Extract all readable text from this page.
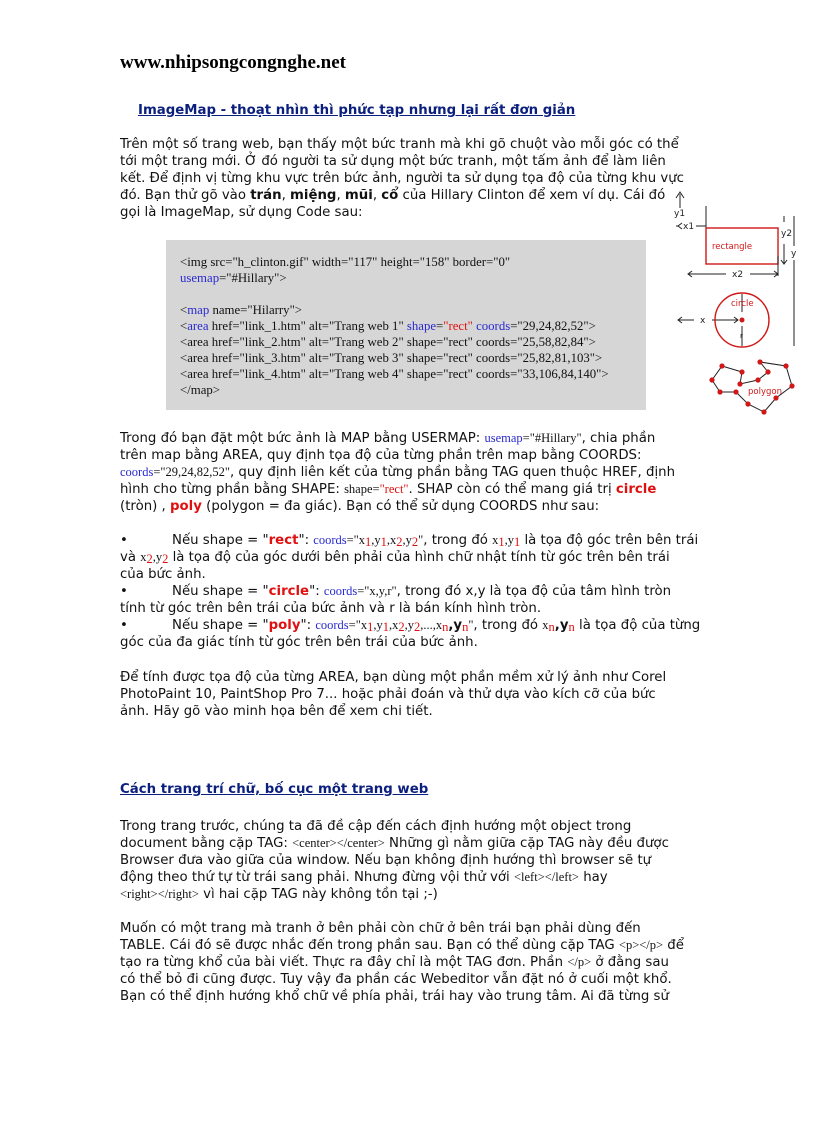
www.nhipsongcongnghe.net
ImageMap - thoạt nhìn thì phức tạp nhưng lại rất đơn giản
Trên một số trang web, bạn thấy một bức tranh mà khi gõ chuột vào mỗi góc có thể
tới một trang mới. Ở đó người ta sử dụng một bức tranh, một tấm ảnh để làm liên
kết. Để định vị từng khu vực trên bức ảnh, người ta sử dụng tọa độ của từng khu vực
đó. Bạn thử gõ vào trán, miệng, mũi, cổ của Hillary Clinton để xem ví dụ. Cái đó
gọi là ImageMap, sử dụng Code sau:
<img src="h_clinton.gif" width="117" height="158" border="0"
usemap="#Hillary">
<map name="Hilarry">
<area href="link_1.htm" alt="Trang web 1" shape="rect" coords="29,24,82,52">
<area href="link_2.htm" alt="Trang web 2" shape="rect" coords="25,58,82,84">
<area href="link_3.htm" alt="Trang web 3" shape="rect" coords="25,82,81,103">
<area href="link_4.htm" alt="Trang web 4" shape="rect" coords="33,106,84,140">
</map>
rectangle
circle
polygon
y1
x1
y2
y
x2
x
r
Trong đó bạn đặt một bức ảnh là MAP bằng USERMAP: usemap="#Hillary", chia phần
trên map bằng AREA, quy định tọa độ của từng phần trên map bằng COORDS:
coords="29,24,82,52", quy định liên kết của từng phần bằng TAG quen thuộc HREF, định
hình cho từng phần bằng SHAPE: shape="rect". SHAP còn có thể mang giá trị circle
(tròn) , poly (polygon = đa giác). Bạn có thể sử dụng COORDS như sau:
•	Nếu shape = "rect": $coords="x_1,y_1,x_2,y_2$", trong đó $x_1,y_1$ là tọa độ góc trên bên trái
và $x_2,y_2$ là tọa độ của góc dưới bên phải của hình chữ nhật tính từ góc trên bên trái
của bức ảnh.
•	Nếu shape = "circle": coords="x,y,r", trong đó x,y là tọa độ của tâm hình tròn
tính từ góc trên bên trái của bức ảnh và r là bán kính hình tròn.
•	Nếu shape = "poly": $coords="x_1,y_1,x_2,y_2,...,x_n,y_n$", trong đó $x_n,y_n$ là tọa độ của từng
góc của đa giác tính từ góc trên bên trái của bức ảnh.
Để tính được tọa độ của từng AREA, bạn dùng một phần mềm xử lý ảnh như Corel
PhotoPaint 10, PaintShop Pro 7... hoặc phải đoán và thử dựa vào kích cỡ của bức
ảnh. Hãy gõ vào minh họa bên để xem chi tiết.
Cách trang trí chữ, bố cục một trang web
Trong trang trước, chúng ta đã đề cập đến cách định hướng một object trong
document bằng cặp TAG: <center></center> Những gì nằm giữa cặp TAG này đều được
Browser đưa vào giữa của window. Nếu bạn không định hướng thì browser sẽ tự
động theo thứ tự từ trái sang phải. Nhưng đừng vội thử với <left></left> hay
<right></right> vì hai cặp TAG này không tồn tại ;-)
Muốn có một trang mà tranh ở bên phải còn chữ ở bên trái bạn phải dùng đến
TABLE. Cái đó sẽ được nhắc đến trong phần sau. Bạn có thể dùng cặp TAG <p></p> để
tạo ra từng khổ của bài viết. Thực ra đây chỉ là một TAG đơn. Phần </p> ở đằng sau
có thể bỏ đi cũng được. Tuy vậy đa phần các Webeditor vẫn đặt nó ở cuối một khổ.
Bạn có thể định hướng khổ chữ về phía phải, trái hay vào trung tâm. Ai đã từng sử
